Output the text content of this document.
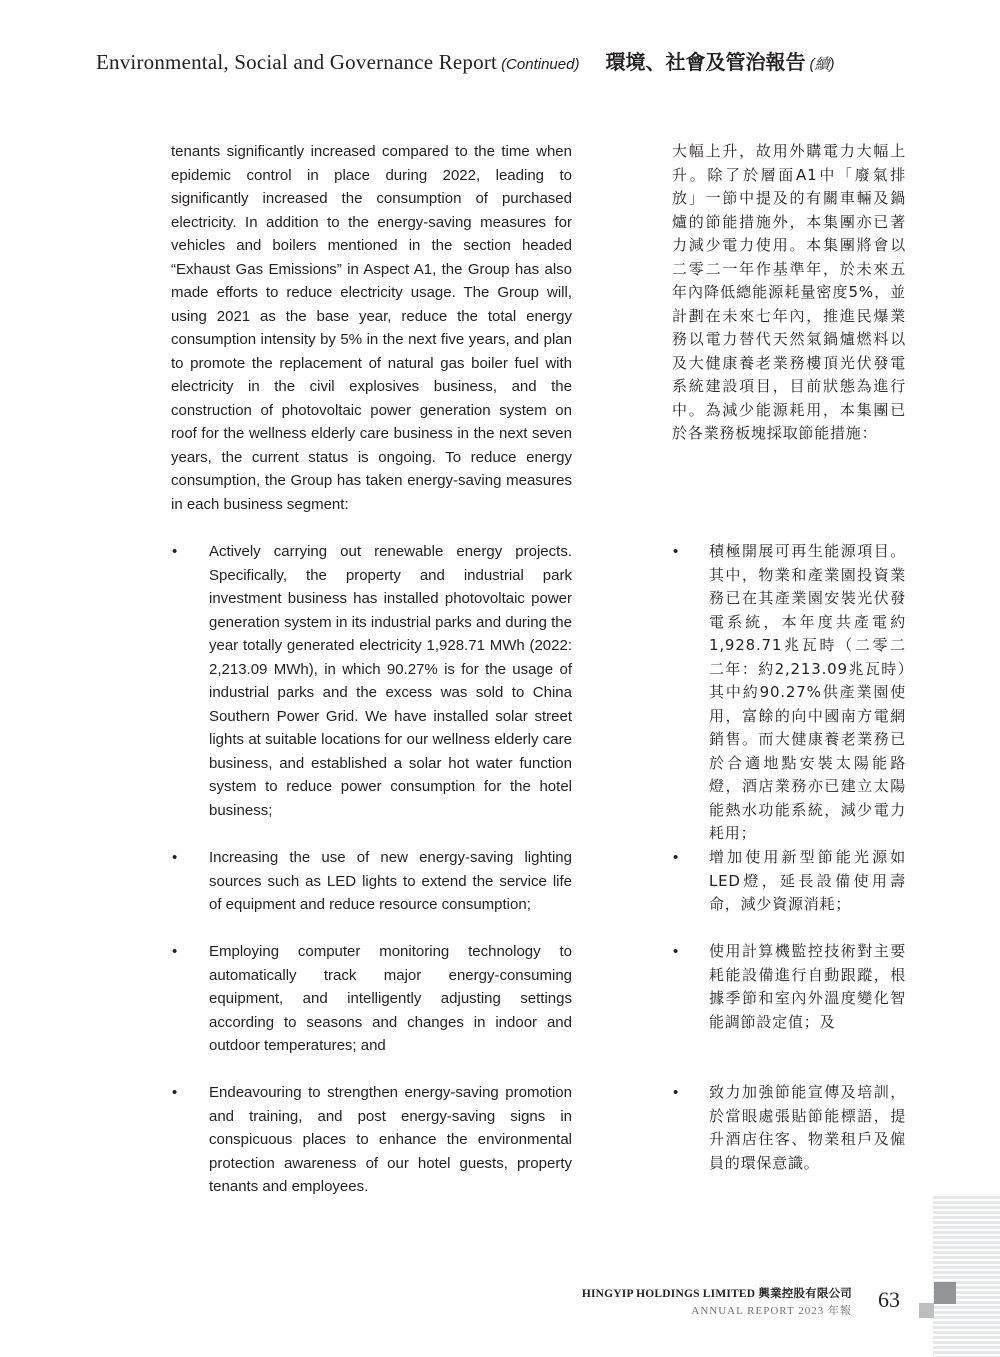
Environmental, Social and Governance Report (Continued) 環境、社會及管治報告 (續)
tenants significantly increased compared to the time when epidemic control in place during 2022, leading to significantly increased the consumption of purchased electricity. In addition to the energy-saving measures for vehicles and boilers mentioned in the section headed “Exhaust Gas Emissions” in Aspect A1, the Group has also made efforts to reduce electricity usage. The Group will, using 2021 as the base year, reduce the total energy consumption intensity by 5% in the next five years, and plan to promote the replacement of natural gas boiler fuel with electricity in the civil explosives business, and the construction of photovoltaic power generation system on roof for the wellness elderly care business in the next seven years, the current status is ongoing. To reduce energy consumption, the Group has taken energy-saving measures in each business segment:
大幅上升，故用外購電力大幅上升。除了於層面A1中「廢氣排放」一節中提及的有關車輛及鍋爐的節能措施外，本集團亦已著力減少電力使用。本集團將會以二零二一年作基準年，於未來五年內降低總能源耗量密度5%，並計劃在未來七年內，推進民爆業務以電力替代天然氣鍋爐燃料以及大健康養老業務樓頂光伏發電系統建設項目，目前狀態為進行中。為減少能源耗用，本集團已於各業務板塊採取節能措施：
• Actively carrying out renewable energy projects. Specifically, the property and industrial park investment business has installed photovoltaic power generation system in its industrial parks and during the year totally generated electricity 1,928.71 MWh (2022: 2,213.09 MWh), in which 90.27% is for the usage of industrial parks and the excess was sold to China Southern Power Grid. We have installed solar street lights at suitable locations for our wellness elderly care business, and established a solar hot water function system to reduce power consumption for the hotel business;
• 積極開展可再生能源項目。其中，物業和產業園投資業務已在其產業園安裝光伏發電系統，本年度共產電約1,928.71兆瓦時（二零二二年：約2,213.09兆瓦時）其中約90.27%供產業園使用，富餘的向中國南方電網銷售。而大健康養老業務已於合適地點安裝太陽能路燈，酒店業務亦已建立太陽能熱水功能系統，減少電力耗用；
• Increasing the use of new energy-saving lighting sources such as LED lights to extend the service life of equipment and reduce resource consumption;
• 增加使用新型節能光源如LED燈，延長設備使用壽命，減少資源消耗；
• Employing computer monitoring technology to automatically track major energy-consuming equipment, and intelligently adjusting settings according to seasons and changes in indoor and outdoor temperatures; and
• 使用計算機監控技術對主要耗能設備進行自動跟蹤，根據季節和室內外溫度變化智能調節設定值；及
• Endeavouring to strengthen energy-saving promotion and training, and post energy-saving signs in conspicuous places to enhance the environmental protection awareness of our hotel guests, property tenants and employees.
• 致力加強節能宣傳及培訓，於當眼處張貼節能標語，提升酒店住客、物業租戶及僱員的環保意識。
HINGYIP HOLDINGS LIMITED 興業控股有限公司
ANNUAL REPORT 2023 年報 63
